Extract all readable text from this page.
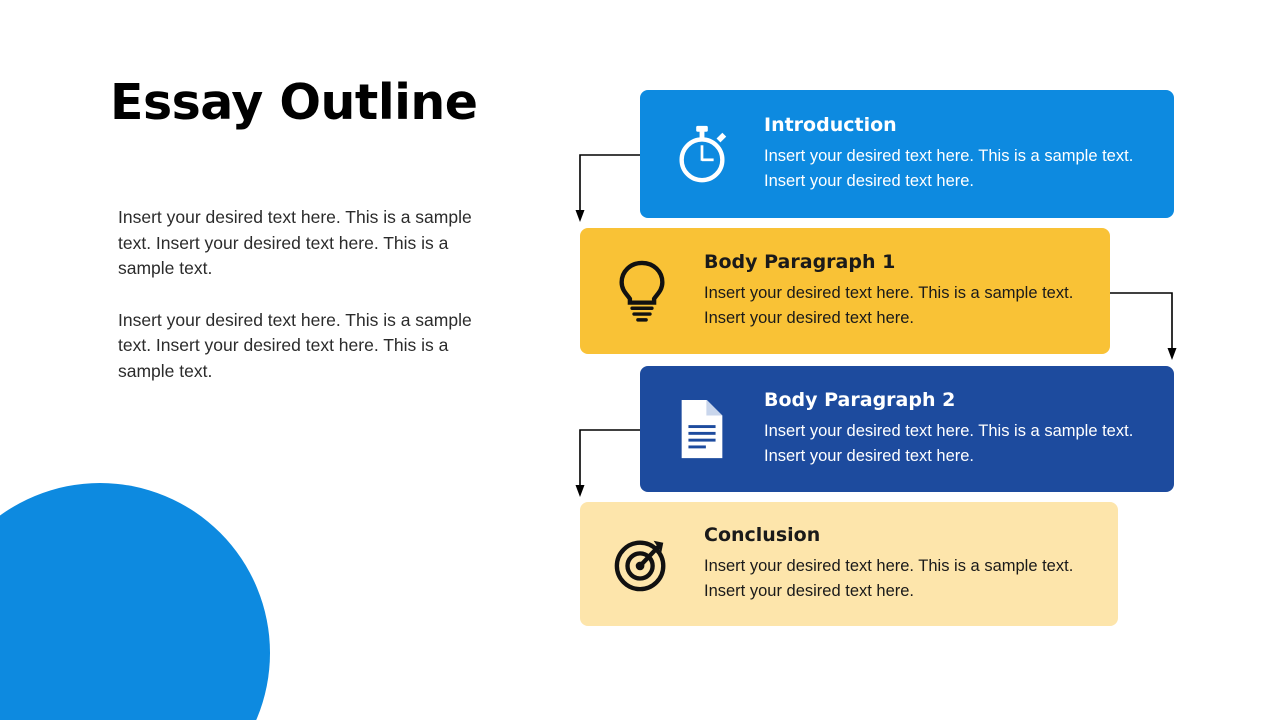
Essay Outline

Insert your desired text here. This is a sample text. Insert your desired text here. This is a sample text.

Insert your desired text here. This is a sample text. Insert your desired text here. This is a sample text.

Introduction

Insert your desired text here. This is a sample text. Insert your desired text here.

Body Paragraph 1

Insert your desired text here. This is a sample text. Insert your desired text here.

Body Paragraph 2

Insert your desired text here. This is a sample text. Insert your desired text here.

Conclusion

Insert your desired text here. This is a sample text. Insert your desired text here.
